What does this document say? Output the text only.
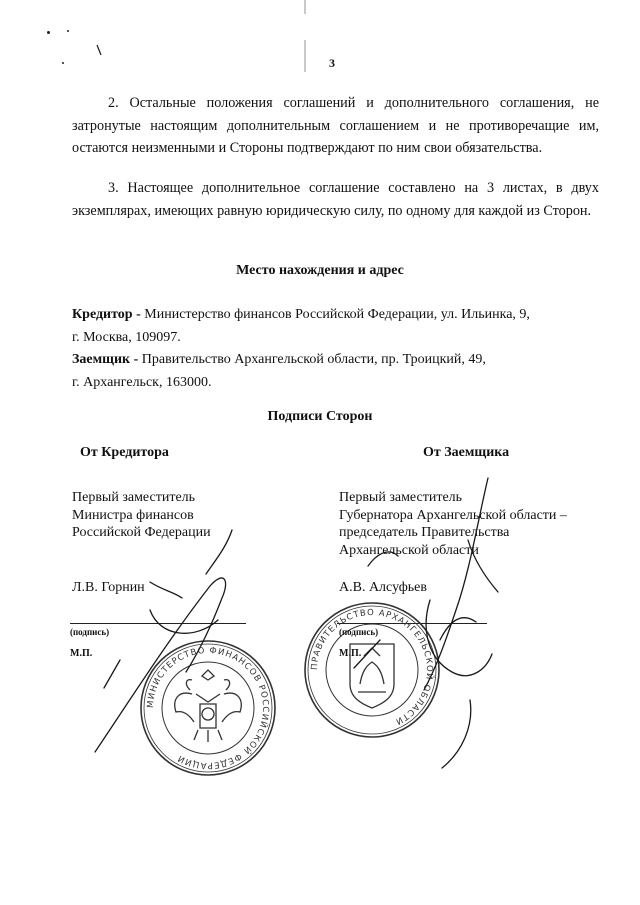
3
2. Остальные положения соглашений и дополнительного соглашения, не затронутые настоящим дополнительным соглашением и не противоречащие им, остаются неизменными и Стороны подтверждают по ним свои обязательства.
3. Настоящее дополнительное соглашение составлено на 3 листах, в двух экземплярах, имеющих равную юридическую силу, по одному для каждой из Сторон.
Место нахождения и адрес
Кредитор - Министерство финансов Российской Федерации, ул. Ильинка, 9,
г. Москва, 109097.
Заемщик - Правительство Архангельской области, пр. Троицкий, 49,
г. Архангельск, 163000.
Подписи Сторон
От Кредитора
Первый заместитель
Министра финансов
Российской Федерации
Л.В. Горнин
(подпись)
М.П.
От Заемщика
Первый заместитель
Губернатора Архангельской области –
председатель Правительства
Архангельской области
А.В. Алсуфьев
(подпись)
М.П.
МИНИСТЕРСТВО ФИНАНСОВ РОССИЙСКОЙ ФЕДЕРАЦИИ
ПРАВИТЕЛЬСТВО АРХАНГЕЛЬСКОЙ ОБЛАСТИ
